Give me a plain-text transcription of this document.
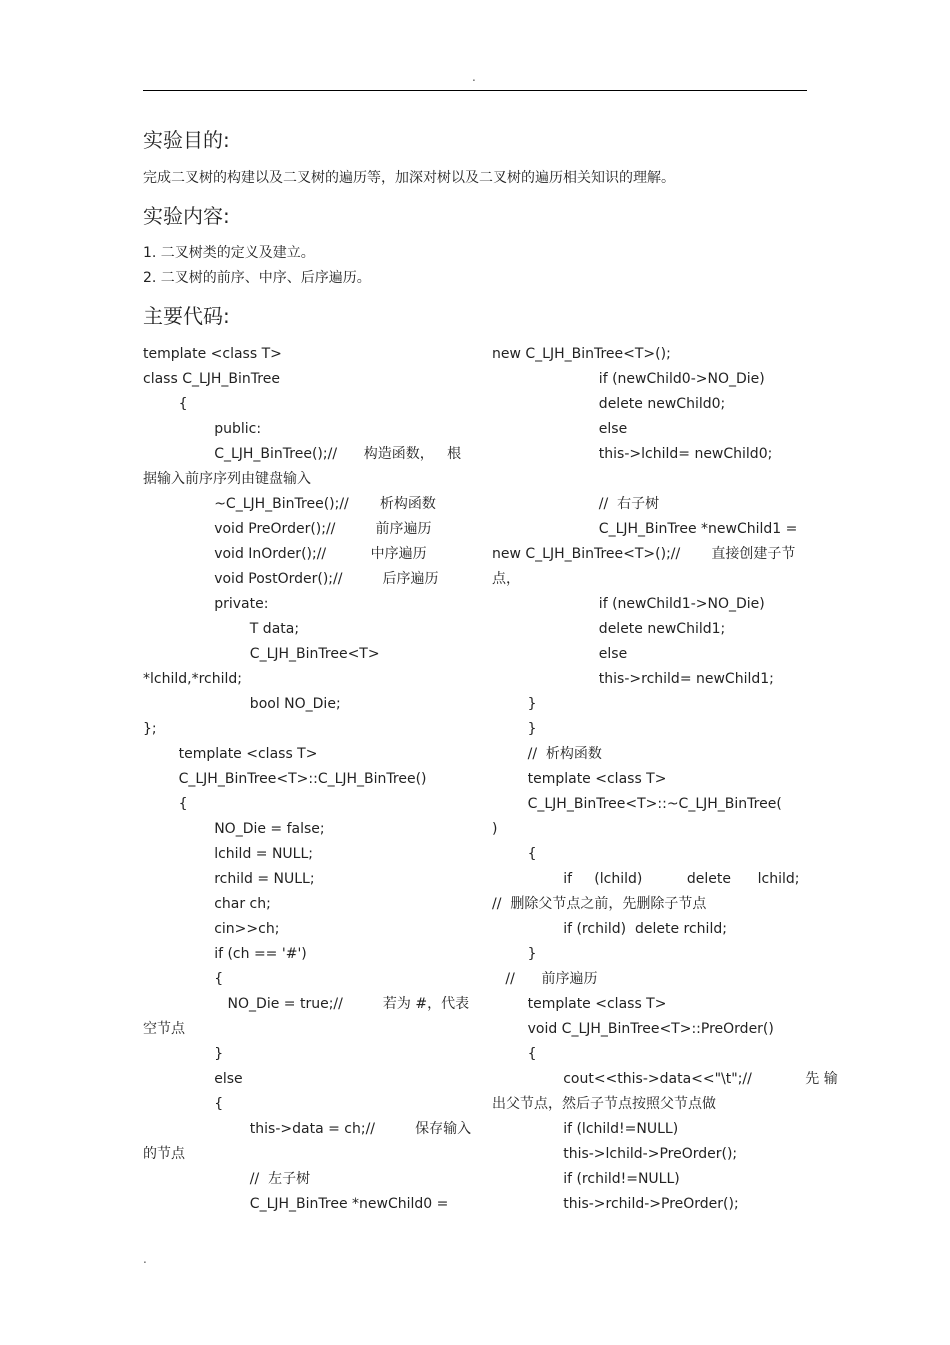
.
实验目的:

完成二叉树的构建以及二叉树的遍历等，加深对树以及二叉树的遍历相关知识的理解。

实验内容:

1. 二叉树类的定义及建立。

2. 二叉树的前序、中序、后序遍历。

主要代码:
template <class T>
class C_LJH_BinTree
{
public:
C_LJH_BinTree();//      构造函数，   根
据输入前序序列由键盘输入
~C_LJH_BinTree();//       析构函数
void PreOrder();//         前序遍历
void InOrder();//          中序遍历
void PostOrder();//         后序遍历
private:
T data;
C_LJH_BinTree<T>
*lchild,*rchild;
bool NO_Die;
};
template <class T>
C_LJH_BinTree<T>::C_LJH_BinTree()
{
NO_Die = false;
lchild = NULL;
rchild = NULL;
char ch;
cin>>ch;
if (ch == '#')
{
NO_Die = true;//         若为 #，代表
空节点
}
else
{
this->data = ch;//         保存输入
的节点
//  左子树
C_LJH_BinTree *newChild0 =
new C_LJH_BinTree<T>();
if (newChild0->NO_Die)
delete newChild0;
else
this->lchild= newChild0;
//  右子树
C_LJH_BinTree *newChild1 =
new C_LJH_BinTree<T>();//       直接创建子节
点，
if (newChild1->NO_Die)
delete newChild1;
else
this->rchild= newChild1;
}
}
//  析构函数
template <class T>
C_LJH_BinTree<T>::~C_LJH_BinTree(
)
{
if     (lchild)          delete      lchild;
//  删除父节点之前，先删除子节点
if (rchild)  delete rchild;
}
//      前序遍历
template <class T>
void C_LJH_BinTree<T>::PreOrder()
{
cout<<this->data<<"\t";//            先 输
出父节点，然后子节点按照父节点做
if (lchild!=NULL)
this->lchild->PreOrder();
if (rchild!=NULL)
this->rchild->PreOrder();
.
